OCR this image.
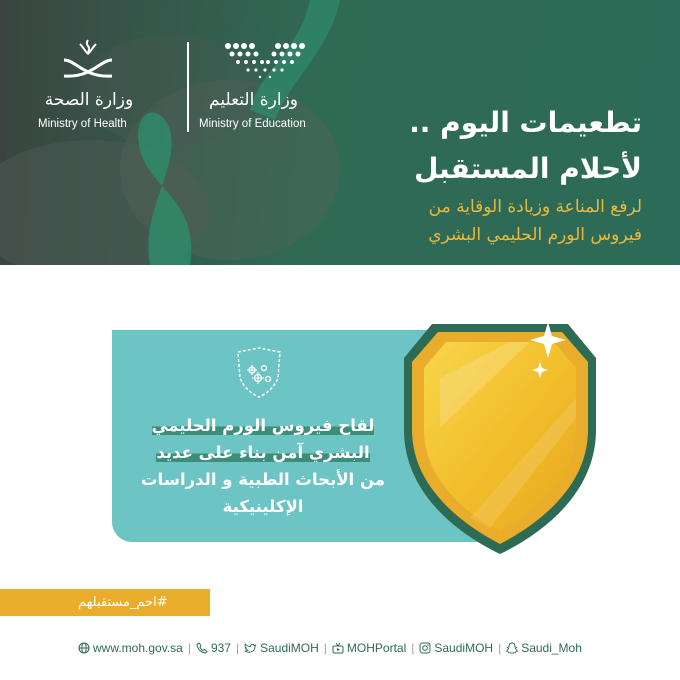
وزارة الصحة
Ministry of Health
وزارة التعليم
Ministry of Education	تطعيمات اليوم ..
لأحلام المستقبل
لرفع المناعة وزيادة الوقاية من
فيروس الورم الحليمي البشري
لقاح فيروس الورم الحليمي
البشري آمن بناء على عديد
من الأبحاث الطبية و الدراسات
الإكلينيكية
#احم_مستقبلهم
www.moh.gov.sa | 937 | SaudiMOH | MOHPortal | SaudiMOH | Saudi_Moh
